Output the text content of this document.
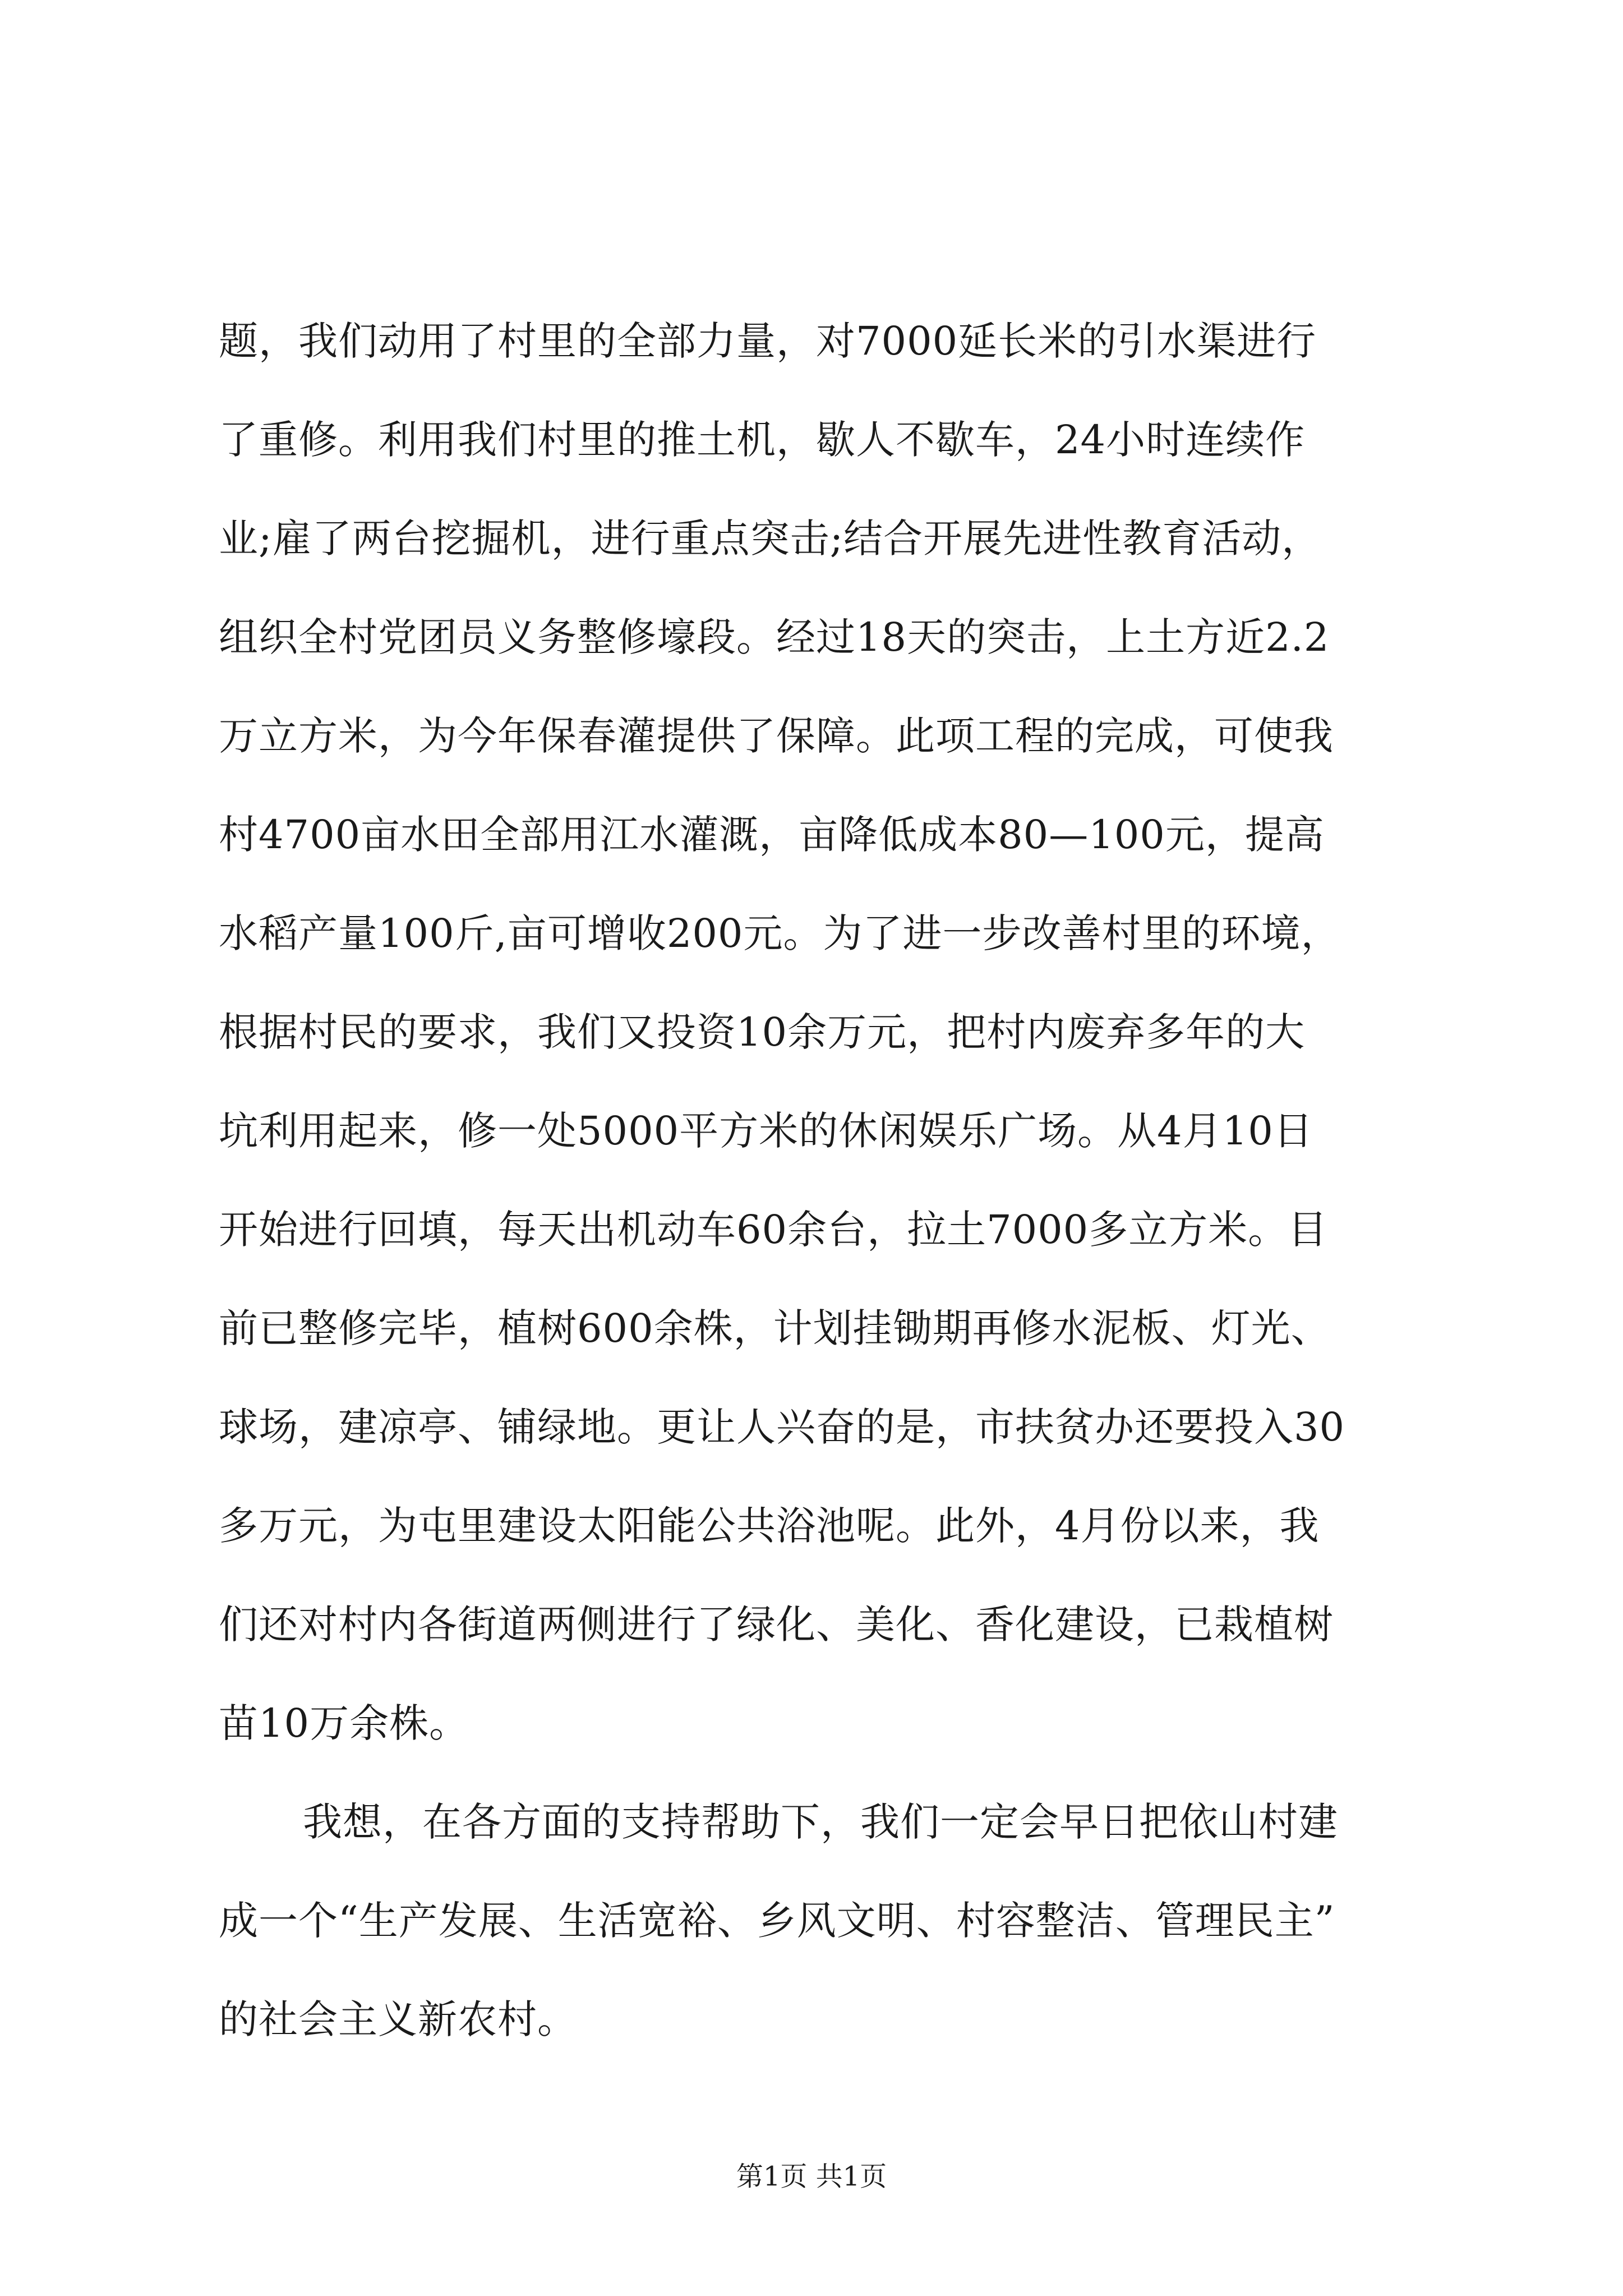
题，我们动用了村里的全部力量，对7000延长米的引水渠进行
了重修。利用我们村里的推土机，歇人不歇车，24小时连续作
业;雇了两台挖掘机，进行重点突击;结合开展先进性教育活动，
组织全村党团员义务整修壕段。经过18天的突击，上土方近2.2
万立方米，为今年保春灌提供了保障。此项工程的完成，可使我
村4700亩水田全部用江水灌溉，亩降低成本80—100元，提高
水稻产量100斤,亩可增收200元。为了进一步改善村里的环境，
根据村民的要求，我们又投资10余万元，把村内废弃多年的大
坑利用起来，修一处5000平方米的休闲娱乐广场。从4月10日
开始进行回填，每天出机动车60余台，拉土7000多立方米。目
前已整修完毕，植树600余株，计划挂锄期再修水泥板、灯光、
球场，建凉亭、铺绿地。更让人兴奋的是，市扶贫办还要投入30
多万元，为屯里建设太阳能公共浴池呢。此外，4月份以来，我
们还对村内各街道两侧进行了绿化、美化、香化建设，已栽植树
苗10万余株。
我想，在各方面的支持帮助下，我们一定会早日把依山村建
成一个“生产发展、生活宽裕、乡风文明、村容整洁、管理民主”
的社会主义新农村。
第1页 共1页
